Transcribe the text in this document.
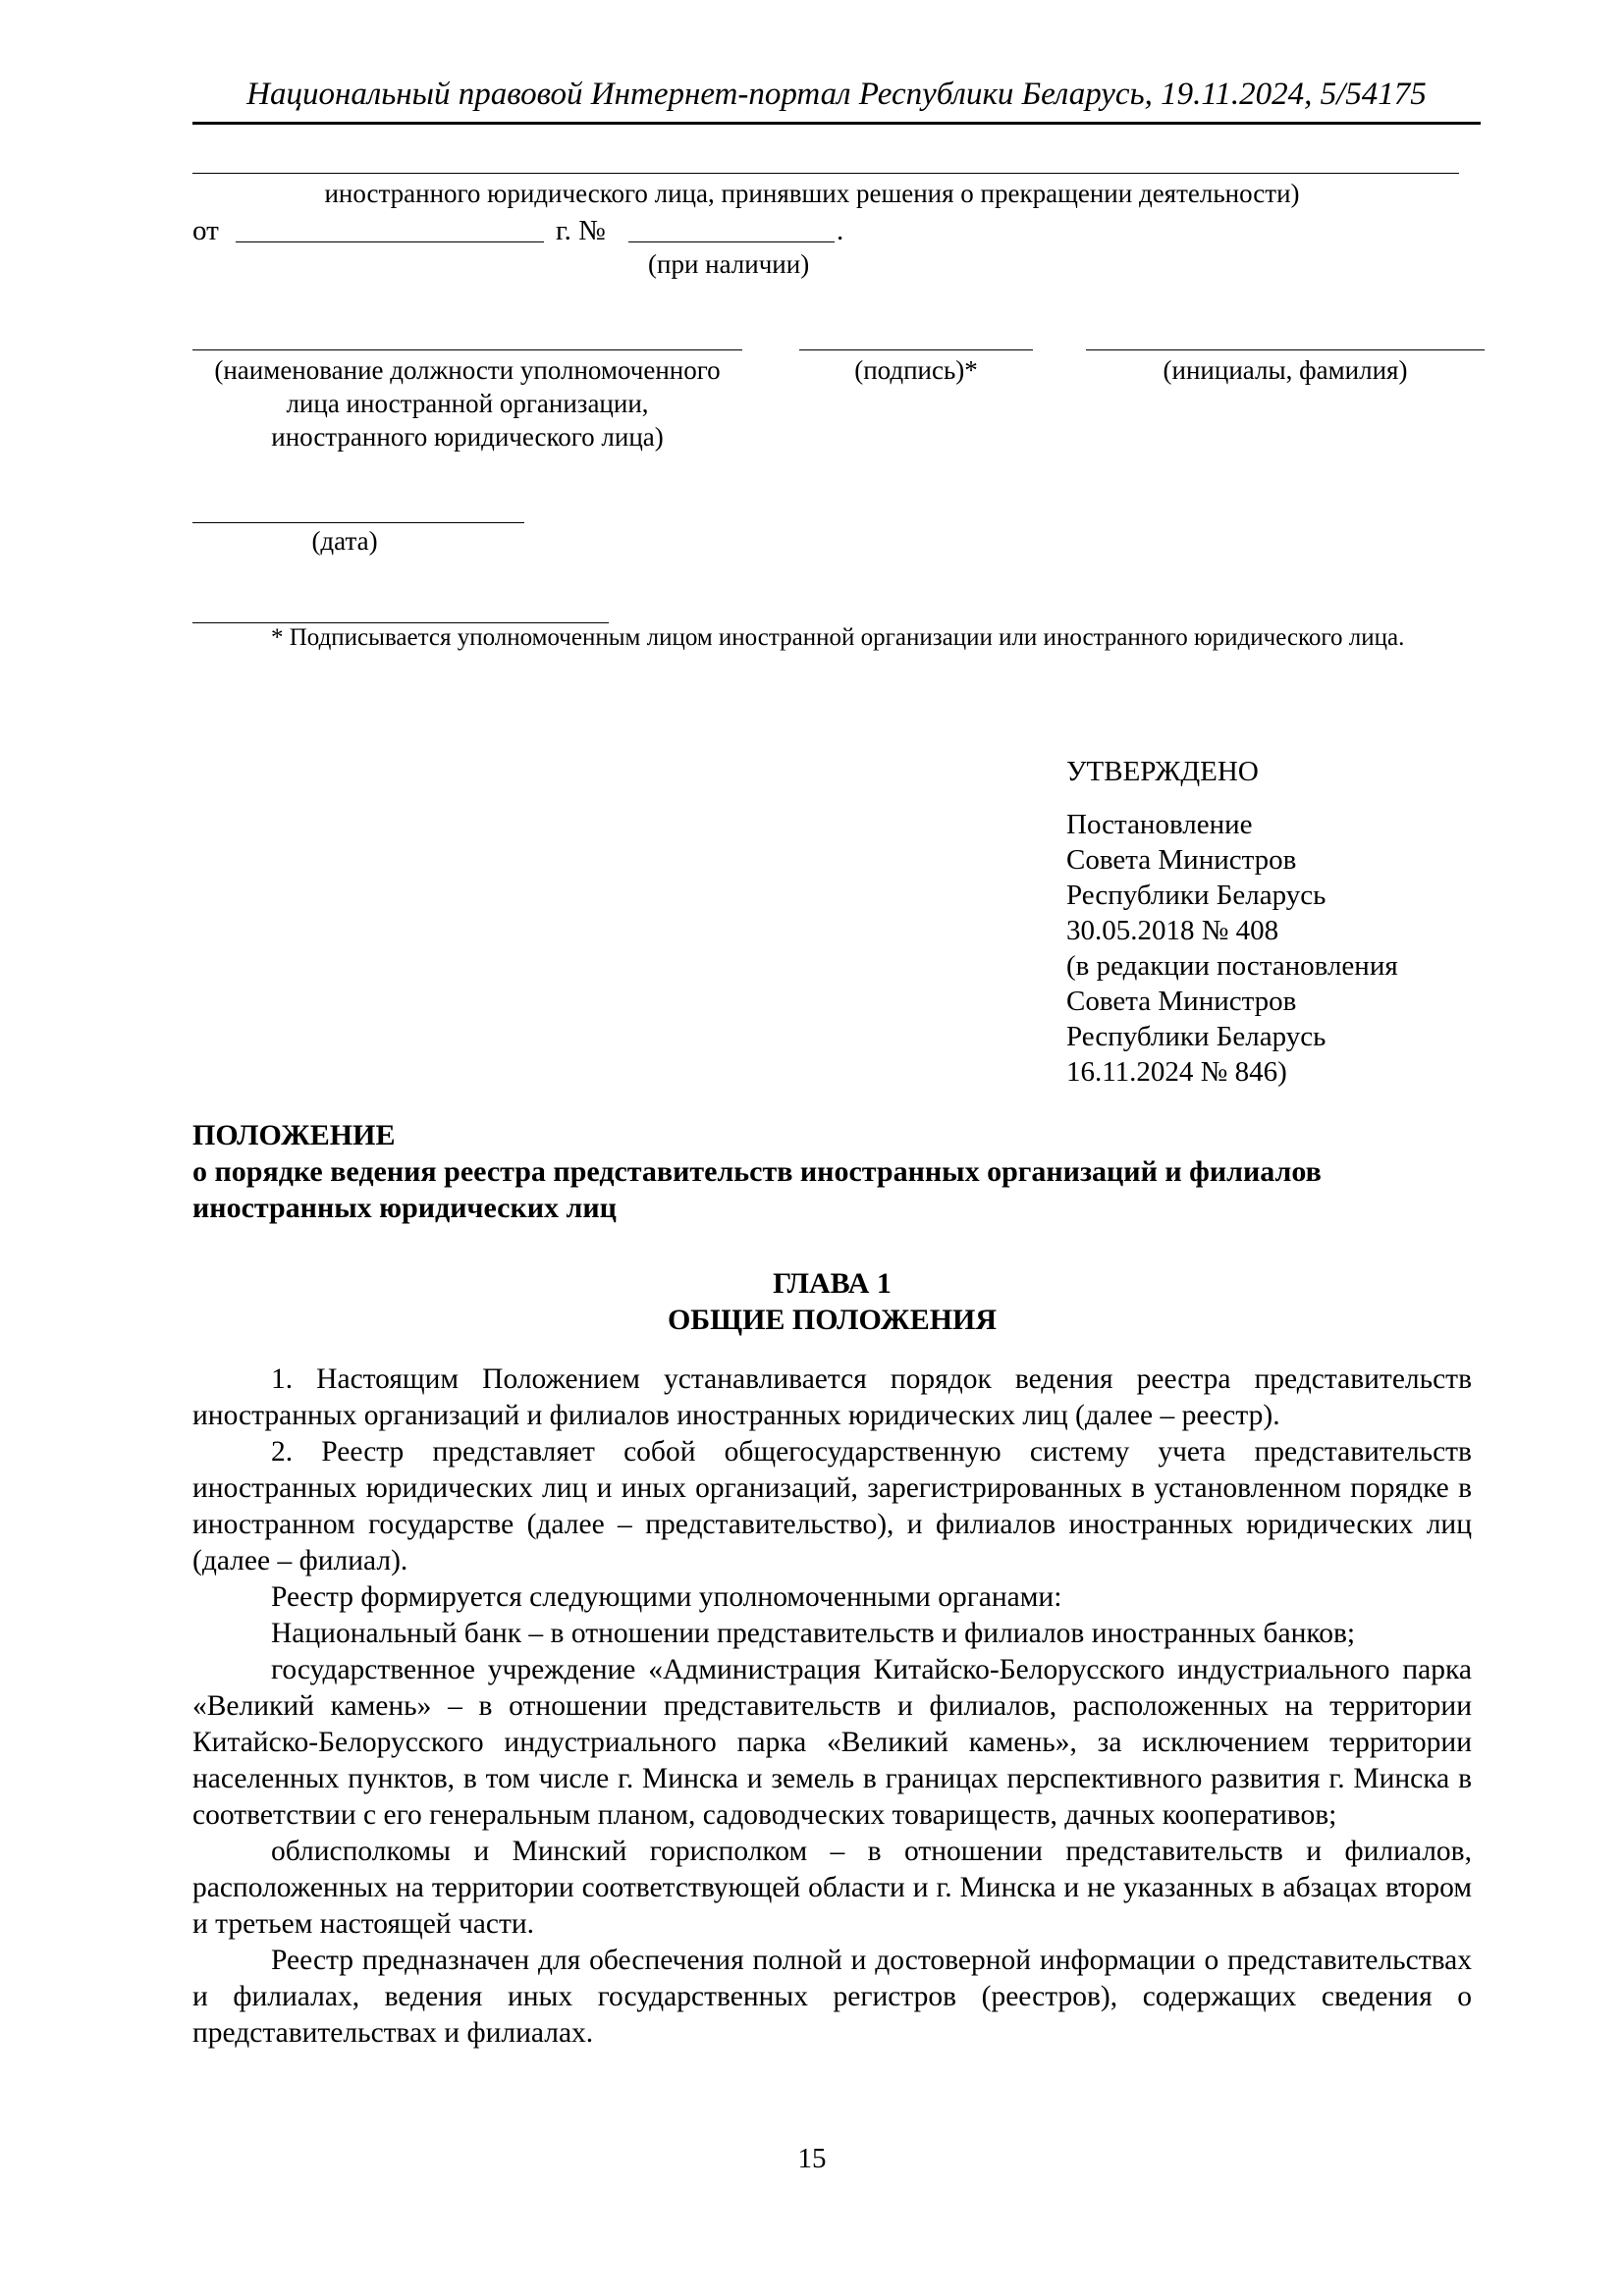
Национальный правовой Интернет-портал Республики Беларусь, 19.11.2024, 5/54175
иностранного юридического лица, принявших решения о прекращении деятельности)
от	г. №	.
(при наличии)
(наименование должности уполномоченного
лица иностранной организации,
иностранного юридического лица)
(подпись)*	(инициалы, фамилия)
(дата)
* Подписывается уполномоченным лицом иностранной организации или иностранного юридического лица.
УТВЕРЖДЕНО
Постановление
Совета Министров
Республики Беларусь
30.05.2018 № 408
(в редакции постановления
Совета Министров
Республики Беларусь
16.11.2024 № 846)
ПОЛОЖЕНИЕ
о порядке ведения реестра представительств иностранных организаций и филиалов иностранных юридических лиц
ГЛАВА 1
ОБЩИЕ ПОЛОЖЕНИЯ

1. Настоящим Положением устанавливается порядок ведения реестра представительств иностранных организаций и филиалов иностранных юридических лиц (далее – реестр).

2. Реестр представляет собой общегосударственную систему учета представительств иностранных юридических лиц и иных организаций, зарегистрированных в установленном порядке в иностранном государстве (далее – представительство), и филиалов иностранных юридических лиц (далее – филиал).

Реестр формируется следующими уполномоченными органами:

Национальный банк – в отношении представительств и филиалов иностранных банков;

государственное учреждение «Администрация Китайско-Белорусского индустриального парка «Великий камень» – в отношении представительств и филиалов, расположенных на территории Китайско-Белорусского индустриального парка «Великий камень», за исключением территории населенных пунктов, в том числе г. Минска и земель в границах перспективного развития г. Минска в соответствии с его генеральным планом, садоводческих товариществ, дачных кооперативов;

облисполкомы и Минский горисполком – в отношении представительств и филиалов, расположенных на территории соответствующей области и г. Минска и не указанных в абзацах втором и третьем настоящей части.

Реестр предназначен для обеспечения полной и достоверной информации о представительствах и филиалах, ведения иных государственных регистров (реестров), содержащих сведения о представительствах и филиалах.

15
